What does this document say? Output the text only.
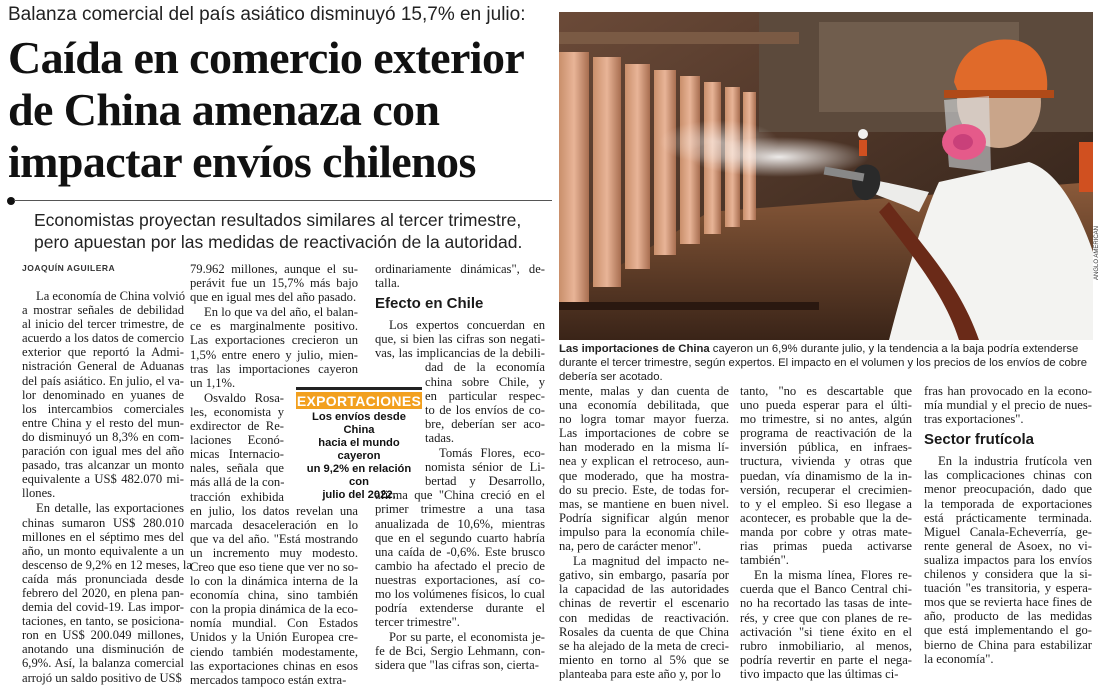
Balanza comercial del país asiático disminuyó 15,7% en julio:
Caída en comercio exterior
de China amenaza con
impactar envíos chilenos
Economistas proyectan resultados similares al tercer trimestre,
pero apuestan por las medidas de reactivación de la autoridad.
JOAQUÍN AGUILERA	ANGLO AMERICAN
Las importaciones de China cayeron un 6,9% durante julio, y la tendencia a la baja podría extenderse durante el tercer trimestre, según expertos. El impacto en el volumen y los precios de los envíos de cobre debería ser acotado.

La economía de China volvió
a mostrar señales de debilidad
al inicio del tercer trimestre, de
acuerdo a los datos de comercio
exterior que reportó la Admi-
nistración General de Aduanas
del país asiático. En julio, el va-
lor denominado en yuanes de
los intercambios comerciales
entre China y el resto del mun-
do disminuyó un 8,3% en com-
paración con igual mes del año
pasado, tras alcanzar un monto
equivalente a US$ 482.070 mi-
llones.

En detalle, las exportaciones
chinas sumaron US$ 280.010
millones en el séptimo mes del
año, un monto equivalente a un
descenso de 9,2% en 12 meses, la
caída más pronunciada desde
febrero del 2020, en plena pan-
demia del covid-19. Las impor-
taciones, en tanto, se posiciona-
ron en US$ 200.049 millones,
anotando una disminución de
6,9%. Así, la balanza comercial
arrojó un saldo positivo de US$

79.962 millones, aunque el su-
perávit fue un 15,7% más bajo
que en igual mes del año pasado.

En lo que va del año, el balan-
ce es marginalmente positivo.
Las exportaciones crecieron un
1,5% entre enero y julio, mien-
tras las importaciones cayeron
un 1,1%.

Osvaldo Rosa-
les, economista y
exdirector de Re-
laciones Econó-
micas Internacio-
nales, señala que
más allá de la con-
tracción exhibida
en julio, los datos revelan una
marcada desaceleración en lo
que va del año. "Está mostrando
un incremento muy modesto.
Creo que eso tiene que ver no so-
lo con la dinámica interna de la
economía china, sino también
con la propia dinámica de la eco-
nomía mundial. Con Estados
Unidos y la Unión Europea cre-
ciendo también modestamente,
las exportaciones chinas en esos
mercados tampoco están extra-

ordinariamente dinámicas", de-
talla.

Efecto en Chile

Los expertos concuerdan en
que, si bien las cifras son negati-
vas, las implicancias de la debili-
dad de la economía
china sobre Chile, y
en particular respec-
to de los envíos de co-
bre, deberían ser aco-
tadas.

Tomás Flores, eco-
nomista sénior de Li-
bertad y Desarrollo,
afirma que "China creció en el
primer trimestre a una tasa
anualizada de 10,6%, mientras
que en el segundo cuarto habría
una caída de -0,6%. Este brusco
cambio ha afectado el precio de
nuestras exportaciones, así co-
mo los volúmenes físicos, lo cual
podría extenderse durante el
tercer trimestre".

Por su parte, el economista je-
fe de Bci, Sergio Lehmann, con-
sidera que "las cifras son, cierta-

EXPORTACIONES
Los envíos desde China
hacia el mundo cayeron
un 9,2% en relación con
julio del 2022.

mente, malas y dan cuenta de
una economía debilitada, que
no logra tomar mayor fuerza.
Las importaciones de cobre se
han moderado en la misma lí-
nea y explican el retroceso, aun-
que moderado, que ha mostra-
do su precio. Este, de todas for-
mas, se mantiene en buen nivel.
Podría significar algún menor
impulso para la economía chile-
na, pero de carácter menor".

La magnitud del impacto ne-
gativo, sin embargo, pasaría por
la capacidad de las autoridades
chinas de revertir el escenario
con medidas de reactivación.
Rosales da cuenta de que China
se ha alejado de la meta de creci-
miento en torno al 5% que se
planteaba para este año y, por lo

tanto, "no es descartable que
uno pueda esperar para el últi-
mo trimestre, si no antes, algún
programa de reactivación de la
inversión pública, en infraes-
tructura, vivienda y otras que
puedan, vía dinamismo de la in-
versión, recuperar el crecimien-
to y el empleo. Si eso llegase a
acontecer, es probable que la de-
manda por cobre y otras mate-
rias primas pueda activarse
también".

En la misma línea, Flores re-
cuerda que el Banco Central chi-
no ha recortado las tasas de inte-
rés, y cree que con planes de re-
activación "si tiene éxito en el
rubro inmobiliario, al menos,
podría revertir en parte el nega-
tivo impacto que las últimas ci-

fras han provocado en la econo-
mía mundial y el precio de nues-
tras exportaciones".

Sector frutícola

En la industria frutícola ven
las complicaciones chinas con
menor preocupación, dado que
la temporada de exportaciones
está prácticamente terminada.
Miguel Canala-Echeverría, ge-
rente general de Asoex, no vi-
sualiza impactos para los envíos
chilenos y considera que la si-
tuación "es transitoria, y espera-
mos que se revierta hace fines de
año, producto de las medidas
que está implementando el go-
bierno de China para estabilizar
la economía".
